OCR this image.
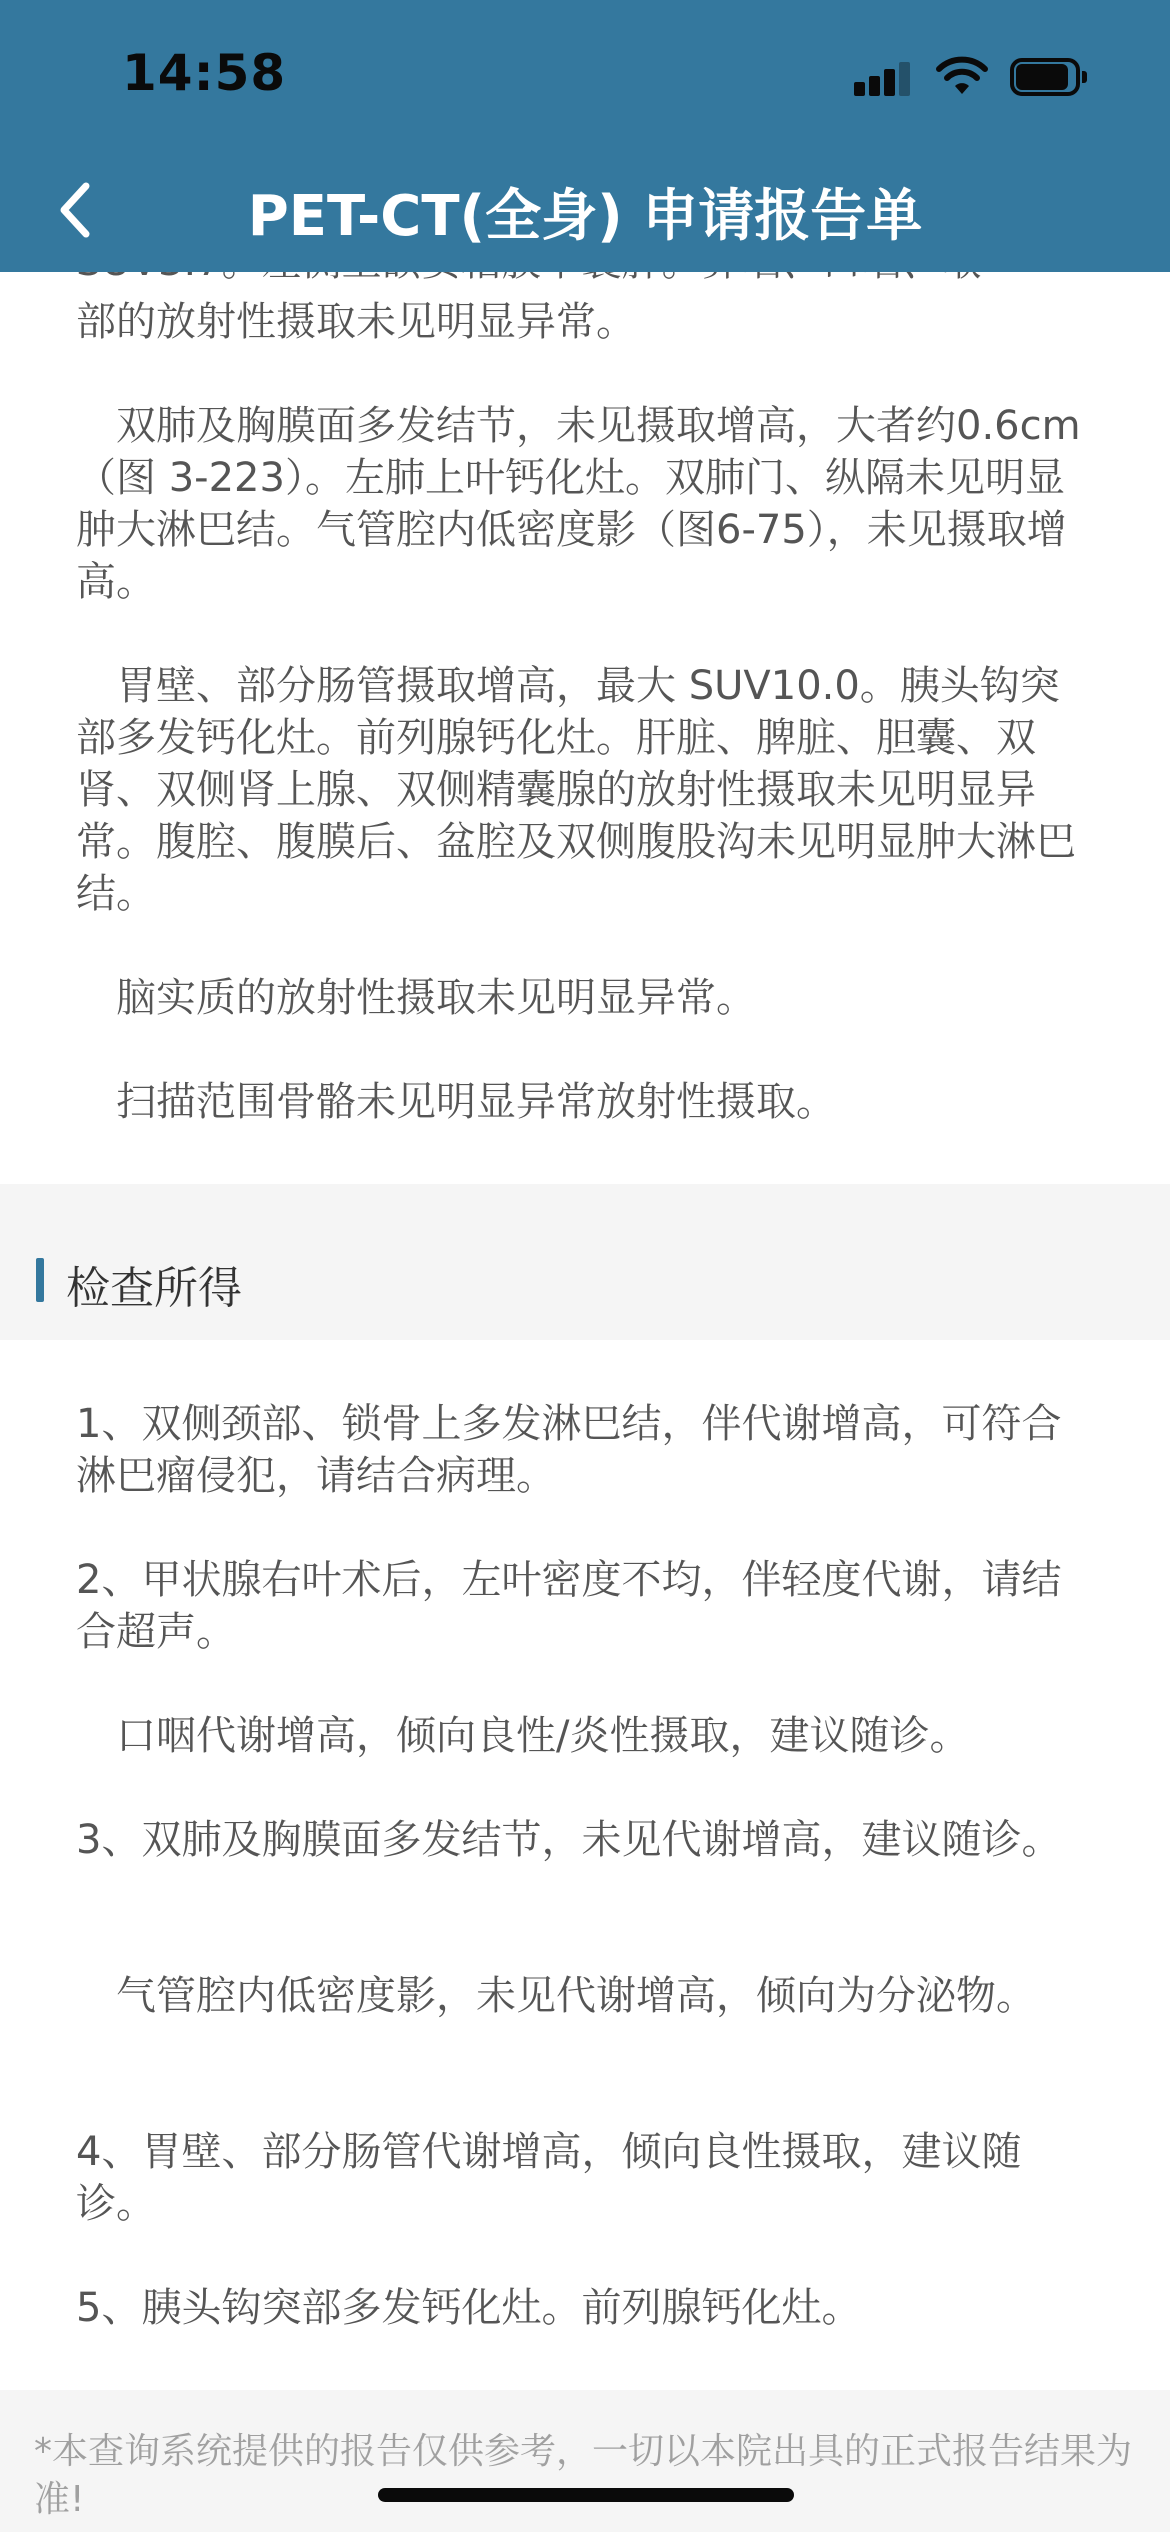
部的放射性摄取未见明显异常。
　双肺及胸膜面多发结节，未见摄取增高，大者约0.6cm（图 3-223）。左肺上叶钙化灶。双肺门、纵隔未见明显肿大淋巴结。气管腔内低密度影（图6-75），未见摄取增高。
　胃壁、部分肠管摄取增高，最大 SUV10.0。胰头钩突部多发钙化灶。前列腺钙化灶。肝脏、脾脏、胆囊、双肾、双侧肾上腺、双侧精囊腺的放射性摄取未见明显异常。腹腔、腹膜后、盆腔及双侧腹股沟未见明显肿大淋巴结。
　脑实质的放射性摄取未见明显异常。
　扫描范围骨骼未见明显异常放射性摄取。
检查所得
1、双侧颈部、锁骨上多发淋巴结，伴代谢增高，可符合淋巴瘤侵犯，请结合病理。
2、甲状腺右叶术后，左叶密度不均，伴轻度代谢，请结合超声。
　口咽代谢增高，倾向良性/炎性摄取，建议随诊。
3、双肺及胸膜面多发结节，未见代谢增高，建议随诊。
　气管腔内低密度影，未见代谢增高，倾向为分泌物。
4、胃壁、部分肠管代谢增高，倾向良性摄取，建议随诊。
5、胰头钩突部多发钙化灶。前列腺钙化灶。
*本查询系统提供的报告仅供参考，一切以本院出具的正式报告结果为准!
14:58
PET-CT(全身) 申请报告单
